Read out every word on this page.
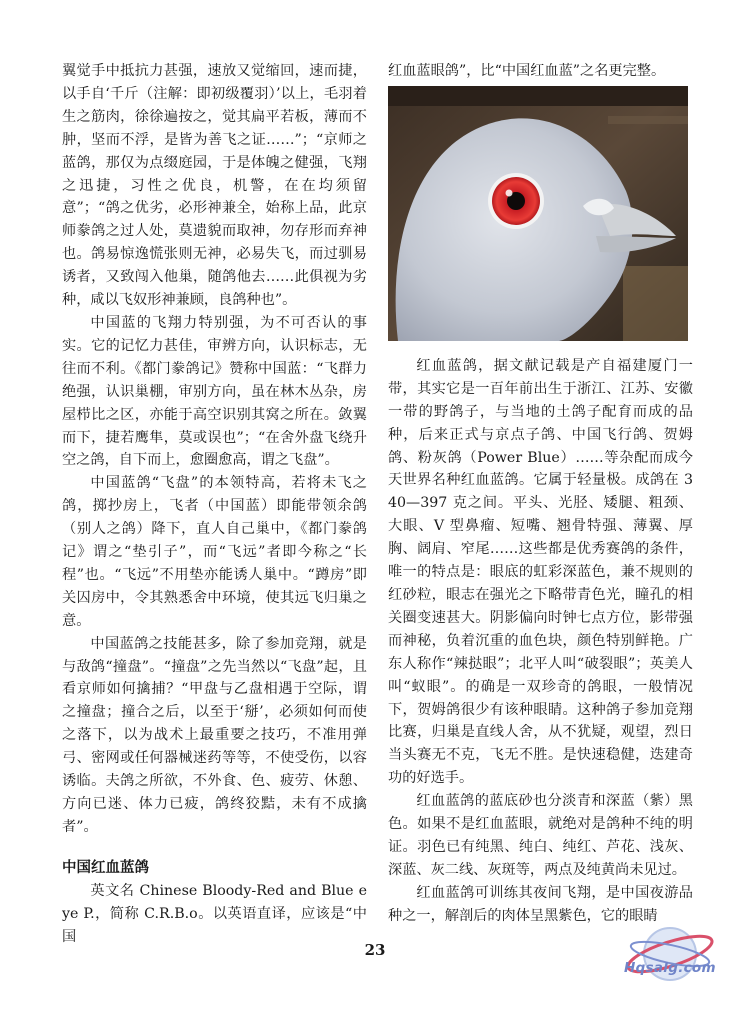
翼觉手中抵抗力甚强，速放又觉缩回，速而捷，以手自‘千斤（注解：即初级覆羽）’以上，毛羽着生之筋肉，徐徐遍按之，觉其扁平若板，薄而不肿，坚而不浮，是皆为善飞之证……”；“京师之蓝鸽，那仅为点缀庭园，于是体魄之健强，飞翔之迅捷，习性之优良，机警，在在均须留意”；“鸽之优劣，必形神兼全，始称上品，此京师豢鸽之过人处，莫遗貌而取神，勿存形而弃神也。鸽易惊逸慌张则无神，必易失飞，而过驯易诱者，又致闯入他巢，随鸽他去……此俱视为劣种，咸以飞奴形神兼顾，良鸽种也”。

中国蓝的飞翔力特别强，为不可否认的事实。它的记忆力甚佳，审辨方向，认识标志，无往而不利。《都门豢鸽记》赞称中国蓝：“飞群力绝强，认识巢棚，审别方向，虽在林木丛杂，房屋栉比之区，亦能于高空识别其窝之所在。敛翼而下，捷若鹰隼，莫或误也”；“在舍外盘飞绕升空之鸽，自下而上，愈圈愈高，谓之飞盘”。

中国蓝鸽“飞盘”的本领特高，若将未飞之鸽，掷抄房上，飞者（中国蓝）即能带领余鸽（别人之鸽）降下，直人自己巢中，《都门豢鸽记》谓之“垫引子”，而“飞远”者即今称之“长程”也。“飞远”不用垫亦能诱人巢中。“蹲房”即关囚房中，令其熟悉舍中环境，使其远飞归巢之意。

中国蓝鸽之技能甚多，除了参加竞翔，就是与敌鸽“撞盘”。“撞盘”之先当然以“飞盘”起，且看京师如何擒捕？“甲盘与乙盘相遇于空际，谓之撞盘；撞合之后，以至于‘掰’，必须如何而使之落下，以为战术上最重要之技巧，不准用弹弓、密网或任何器械迷药等等，不使受伤，以容诱临。夫鸽之所欲，不外食、色、疲劳、休憩、方向已迷、体力已疲，鸽终狡黠，未有不成擒者”。

中国红血蓝鸽

英文名 Chinese Bloody-Red and Blue eye P.，简称 C.R.B.o。以英语直译，应该是“中国

红血蓝眼鸽”，比“中国红血蓝”之名更完整。

红血蓝鸽，据文献记载是产自福建厦门一带，其实它是一百年前出生于浙江、江苏、安徽一带的野鸽子，与当地的土鸽子配育而成的品种，后来正式与京点子鸽、中国飞行鸽、贺姆鸽、粉灰鸽（Power Blue）……等杂配而成今天世界名种红血蓝鸽。它属于轻量极。成鸽在 340—397 克之间。平头、光胫、矮腿、粗颈、大眼、V 型鼻瘤、短嘴、翘骨特强、薄翼、厚胸、阔肩、窄尾……这些都是优秀赛鸽的条件，唯一的特点是：眼底的虹彩深蓝色，兼不规则的红砂粒，眼志在强光之下略带青色光，瞳孔的相关圈变速甚大。阴影偏向时钟七点方位，影带强而神秘，负着沉重的血色块，颜色特别鲜艳。广东人称作“辣挞眼”；北平人叫“破裂眼”；英美人叫“蚁眼”。的确是一双珍奇的鸽眼，一般情况下，贺姆鸽很少有该种眼睛。这种鸽子参加竞翔比赛，归巢是直线人舍，从不犹疑，观望，烈日当头赛无不克，飞无不胜。是快速稳健，迭建奇功的好选手。

红血蓝鸽的蓝底砂也分淡青和深蓝（紫）黑色。如果不是红血蓝眼，就绝对是鸽种不纯的明证。羽色已有纯黑、纯白、纯红、芦花、浅灰、深蓝、灰二线、灰斑等，两点及纯黄尚未见过。

红血蓝鸽可训练其夜间飞翔，是中国夜游品种之一，解剖后的肉体呈黑紫色，它的眼睛

23
Hqsalg.com
